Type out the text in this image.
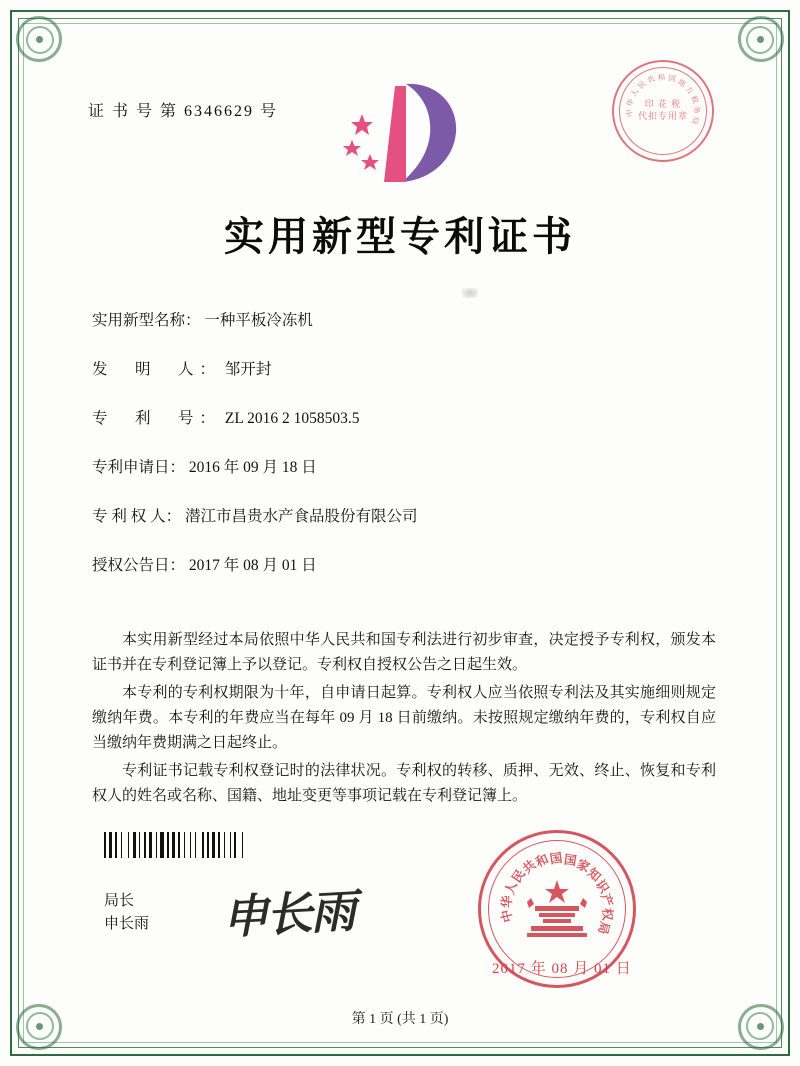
证 书 号 第 6346629 号
实用新型专利证书
实用新型名称： 一种平板冷冻机
发　明　人： 邹开封
专　利　号： ZL 2016 2 1058503.5
专利申请日： 2016 年 09 月 18 日
专 利 权 人： 潜江市昌贵水产食品股份有限公司
授权公告日： 2017 年 08 月 01 日

本实用新型经过本局依照中华人民共和国专利法进行初步审查，决定授予专利权，颁发本证书并在专利登记簿上予以登记。专利权自授权公告之日起生效。

本专利的专利权期限为十年，自申请日起算。专利权人应当依照专利法及其实施细则规定缴纳年费。本专利的年费应当在每年 09 月 18 日前缴纳。未按照规定缴纳年费的，专利权自应当缴纳年费期满之日起终止。

专利证书记载专利权登记时的法律状况。专利权的转移、质押、无效、终止、恢复和专利权人的姓名或名称、国籍、地址变更等事项记载在专利登记簿上。

申长雨
局长
申长雨
中
华
人
民
共 和 国 地
方
税
务
局
印 花 税
代扣专用章
中
华
人
民
共
和
国 国
家
知
识
产
权
局
2017 年 08 月 01 日
第 1 页 (共 1 页)
